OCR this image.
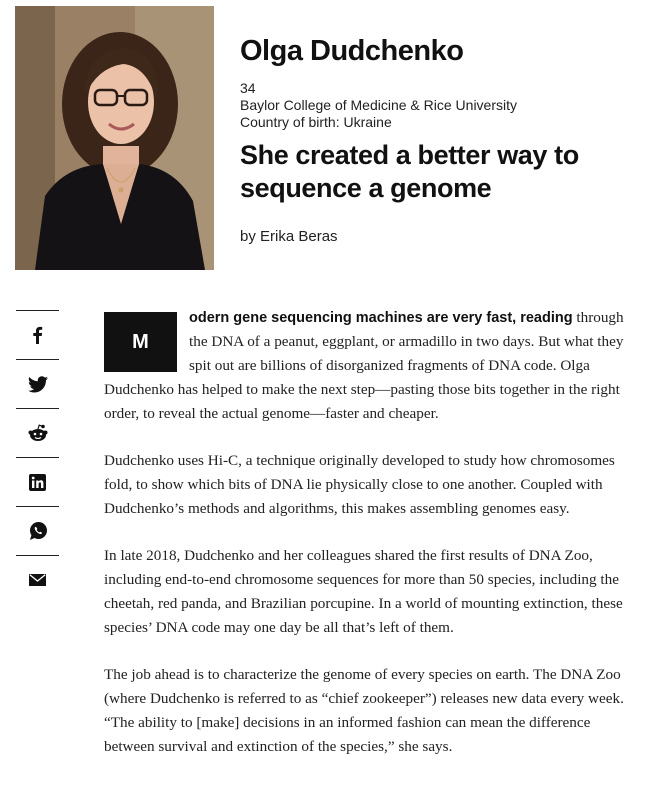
Olga Dudchenko
34
Baylor College of Medicine & Rice University
Country of birth: Ukraine
She created a better way to sequence a genome
by Erika Beras

M
odern gene sequencing machines are very fast, reading through the DNA of a peanut, eggplant, or armadillo in two days. But what they spit out are billions of disorganized fragments of DNA code. Olga Dudchenko has helped to make the next step—pasting those bits together in the right order, to reveal the actual genome—faster and cheaper.

Dudchenko uses Hi-C, a technique originally developed to study how chromosomes fold, to show which bits of DNA lie physically close to one another. Coupled with Dudchenko’s methods and algorithms, this makes assembling genomes easy.

In late 2018, Dudchenko and her colleagues shared the first results of DNA Zoo, including end-to-end chromosome sequences for more than 50 species, including the cheetah, red panda, and Brazilian porcupine. In a world of mounting extinction, these species’ DNA code may one day be all that’s left of them.

The job ahead is to characterize the genome of every species on earth. The DNA Zoo (where Dudchenko is referred to as “chief zookeeper”) releases new data every week. “The ability to [make] decisions in an informed fashion can mean the difference between survival and extinction of the species,” she says.
